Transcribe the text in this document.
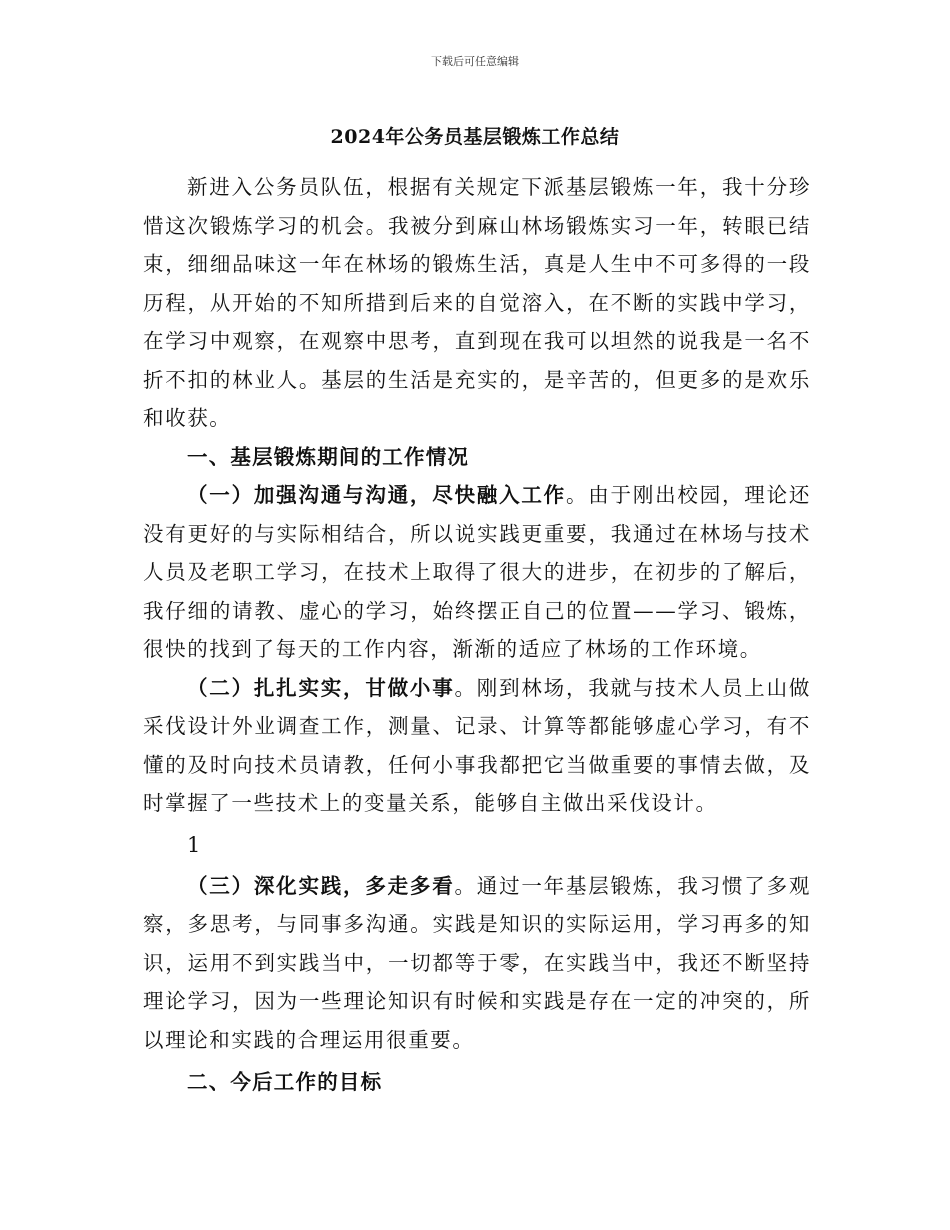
下载后可任意编辑
2024年公务员基层锻炼工作总结

新进入公务员队伍，根据有关规定下派基层锻炼一年，我十分珍惜这次锻炼学习的机会。我被分到麻山林场锻炼实习一年，转眼已结束，细细品味这一年在林场的锻炼生活，真是人生中不可多得的一段历程，从开始的不知所措到后来的自觉溶入，在不断的实践中学习，在学习中观察，在观察中思考，直到现在我可以坦然的说我是一名不折不扣的林业人。基层的生活是充实的，是辛苦的，但更多的是欢乐和收获。

一、基层锻炼期间的工作情况

（一）加强沟通与沟通，尽快融入工作。由于刚出校园，理论还没有更好的与实际相结合，所以说实践更重要，我通过在林场与技术人员及老职工学习，在技术上取得了很大的进步，在初步的了解后，我仔细的请教、虚心的学习，始终摆正自己的位置——学习、锻炼，很快的找到了每天的工作内容，渐渐的适应了林场的工作环境。

（二）扎扎实实，甘做小事。刚到林场，我就与技术人员上山做采伐设计外业调查工作，测量、记录、计算等都能够虚心学习，有不懂的及时向技术员请教，任何小事我都把它当做重要的事情去做，及时掌握了一些技术上的变量关系，能够自主做出采伐设计。

1

（三）深化实践，多走多看。通过一年基层锻炼，我习惯了多观察，多思考，与同事多沟通。实践是知识的实际运用，学习再多的知识，运用不到实践当中，一切都等于零，在实践当中，我还不断坚持理论学习，因为一些理论知识有时候和实践是存在一定的冲突的，所以理论和实践的合理运用很重要。

二、今后工作的目标
